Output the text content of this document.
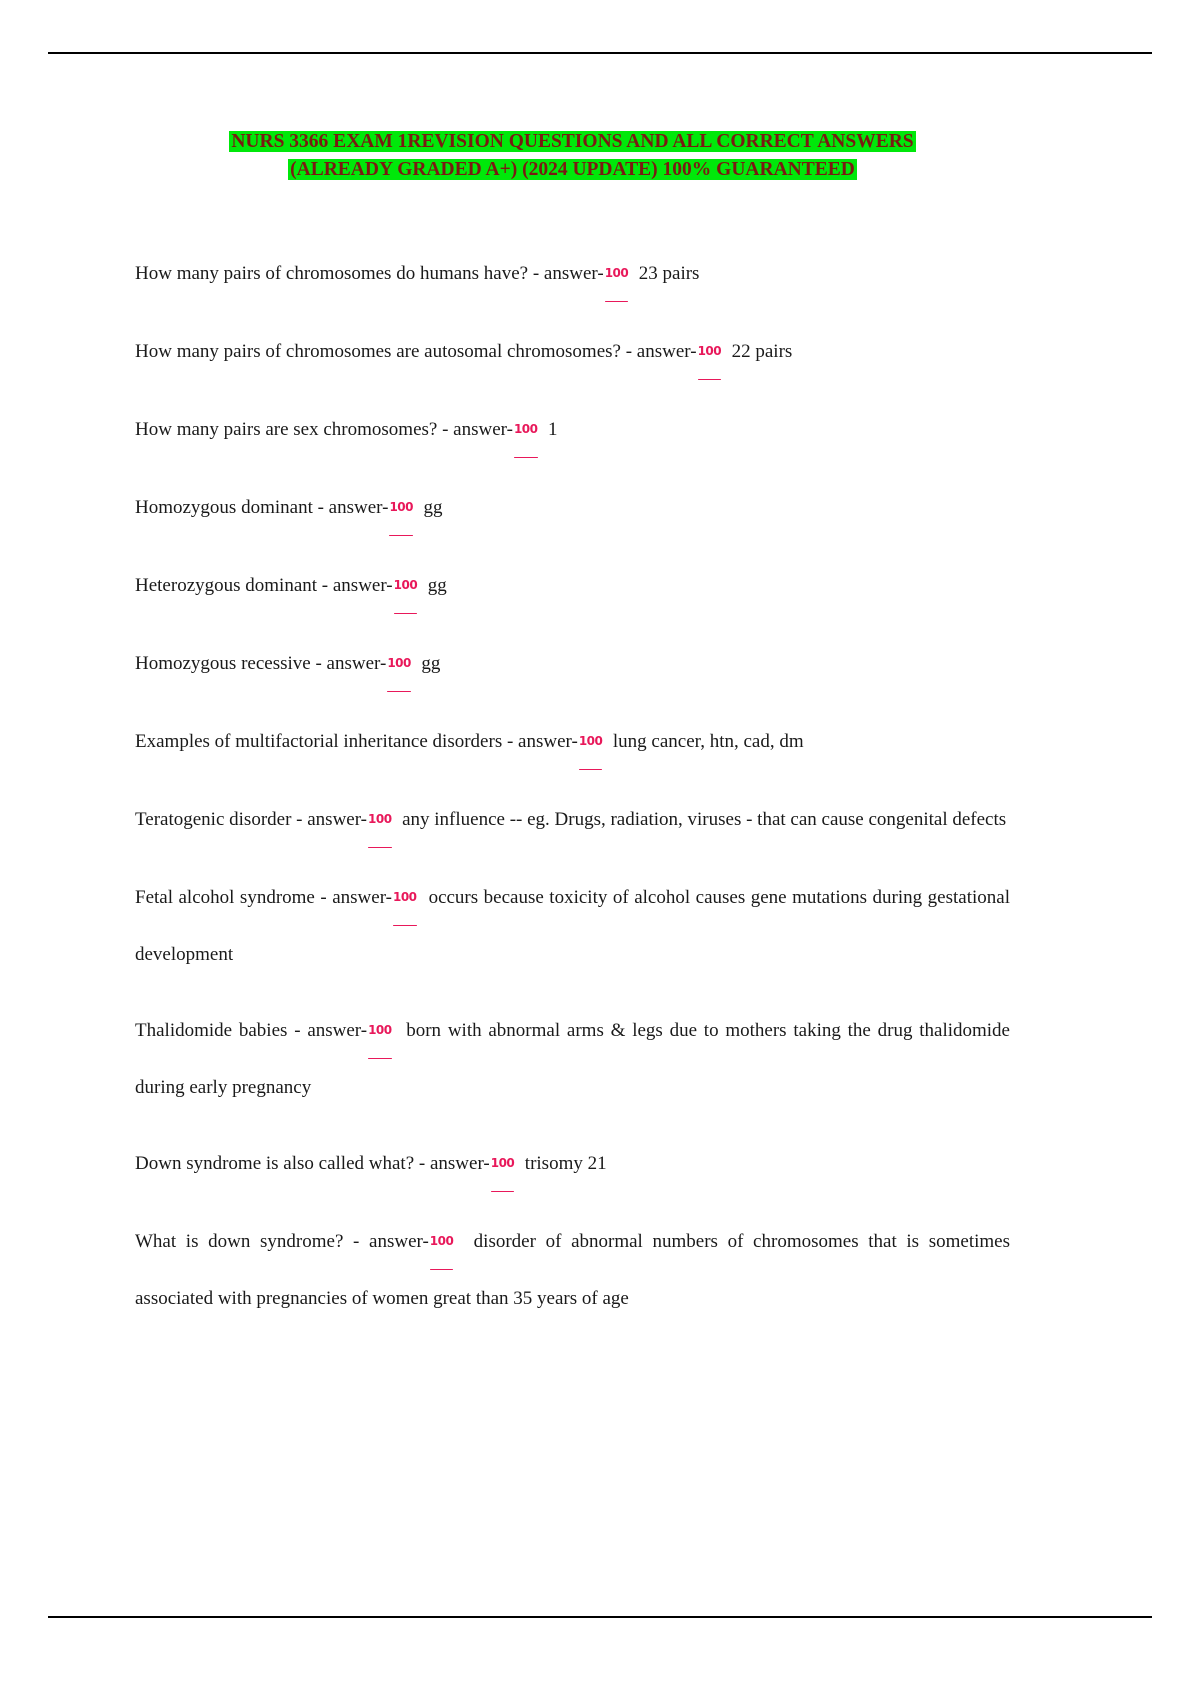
NURS 3366 EXAM 1REVISION QUESTIONS AND ALL CORRECT ANSWERS
(ALREADY GRADED A+) (2024 UPDATE) 100% GUARANTEED

How many pairs of chromosomes do humans have? - answer-100  23 pairs

How many pairs of chromosomes are autosomal chromosomes? - answer-100  22 pairs

How many pairs are sex chromosomes? - answer-100  1

Homozygous dominant - answer-100  gg

Heterozygous dominant - answer-100  gg

Homozygous recessive - answer-100  gg

Examples of multifactorial inheritance disorders - answer-100  lung cancer, htn, cad, dm

Teratogenic disorder - answer-100  any influence -- eg. Drugs, radiation, viruses - that can cause congenital defects

Fetal alcohol syndrome - answer-100  occurs because toxicity of alcohol causes gene mutations during gestational development

Thalidomide babies - answer-100  born with abnormal arms & legs due to mothers taking the drug thalidomide during early pregnancy

Down syndrome is also called what? - answer-100  trisomy 21

What is down syndrome? - answer-100  disorder of abnormal numbers of chromosomes that is sometimes associated with pregnancies of women great than 35 years of age
